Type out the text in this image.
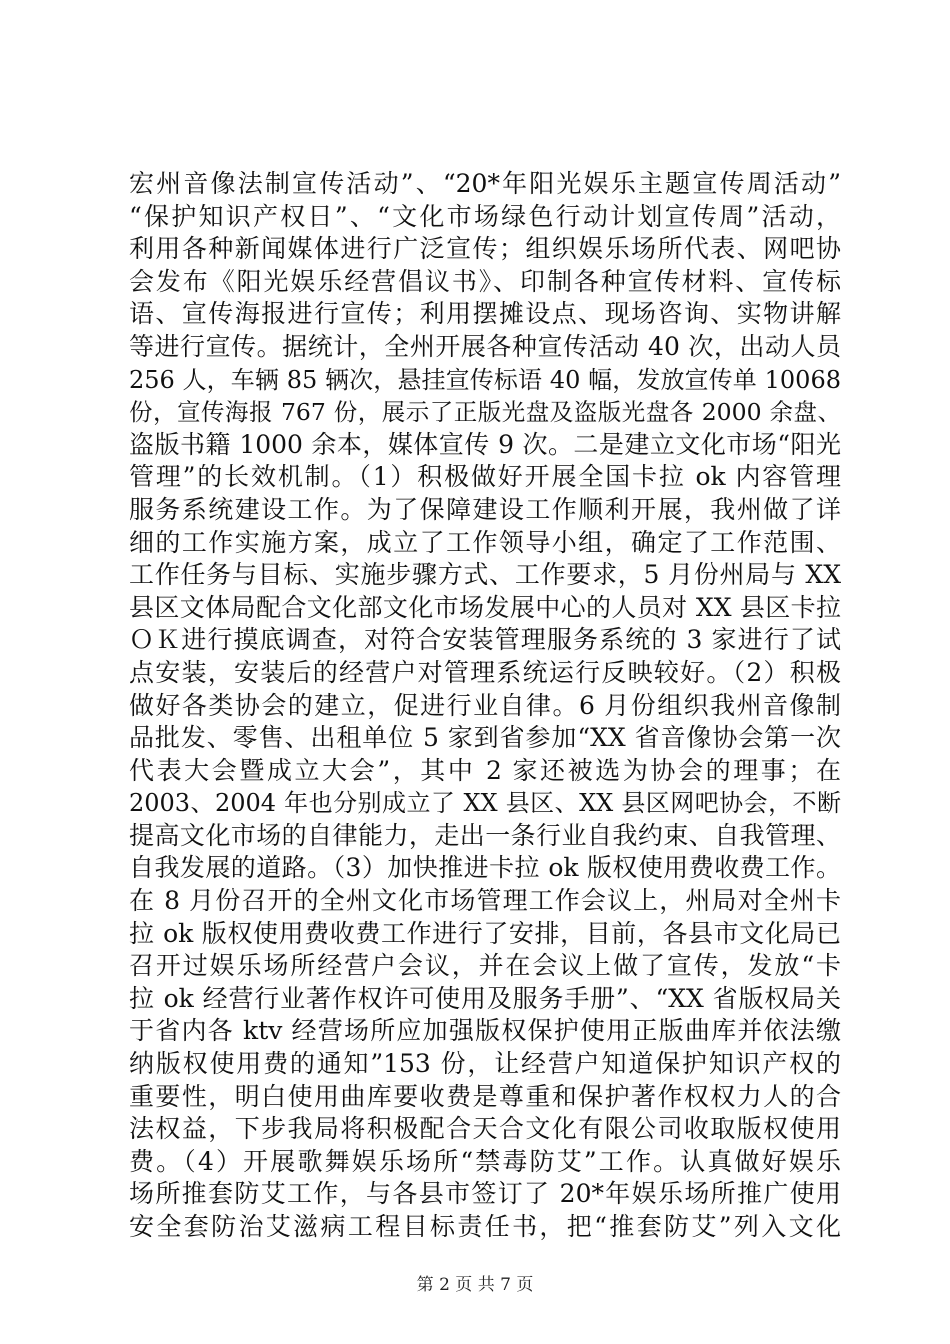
宏州音像法制宣传活动”、“20*年阳光娱乐主题宣传周活动”
“保护知识产权日”、“文化市场绿色行动计划宣传周”活动，
利用各种新闻媒体进行广泛宣传；组织娱乐场所代表、网吧协
会发布《阳光娱乐经营倡议书》、印制各种宣传材料、宣传标
语、宣传海报进行宣传；利用摆摊设点、现场咨询、实物讲解
等进行宣传。据统计，全州开展各种宣传活动 40 次，出动人员
256 人，车辆 85 辆次，悬挂宣传标语 40 幅，发放宣传单 10068
份，宣传海报 767 份，展示了正版光盘及盗版光盘各 2000 余盘、
盗版书籍 1000 余本，媒体宣传 9 次。二是建立文化市场“阳光
管理”的长效机制。（1）积极做好开展全国卡拉 ok 内容管理
服务系统建设工作。为了保障建设工作顺利开展，我州做了详
细的工作实施方案，成立了工作领导小组，确定了工作范围、
工作任务与目标、实施步骤方式、工作要求，5 月份州局与 XX
县区文体局配合文化部文化市场发展中心的人员对 XX 县区卡拉
ＯＫ进行摸底调查，对符合安装管理服务系统的 3 家进行了试
点安装，安装后的经营户对管理系统运行反映较好。（2）积极
做好各类协会的建立，促进行业自律。6 月份组织我州音像制
品批发、零售、出租单位 5 家到省参加“XX 省音像协会第一次
代表大会暨成立大会”，其中 2 家还被选为协会的理事；在
2003、2004 年也分别成立了 XX 县区、XX 县区网吧协会，不断
提高文化市场的自律能力，走出一条行业自我约束、自我管理、
自我发展的道路。（3）加快推进卡拉 ok 版权使用费收费工作。
在 8 月份召开的全州文化市场管理工作会议上，州局对全州卡
拉 ok 版权使用费收费工作进行了安排，目前，各县市文化局已
召开过娱乐场所经营户会议，并在会议上做了宣传，发放“卡
拉 ok 经营行业著作权许可使用及服务手册”、“XX 省版权局关
于省内各 ktv 经营场所应加强版权保护使用正版曲库并依法缴
纳版权使用费的通知”153 份，让经营户知道保护知识产权的
重要性，明白使用曲库要收费是尊重和保护著作权权力人的合
法权益，下步我局将积极配合天合文化有限公司收取版权使用
费。（4）开展歌舞娱乐场所“禁毒防艾”工作。认真做好娱乐
场所推套防艾工作，与各县市签订了 20*年娱乐场所推广使用
安全套防治艾滋病工程目标责任书，把“推套防艾”列入文化
第 2 页 共 7 页
